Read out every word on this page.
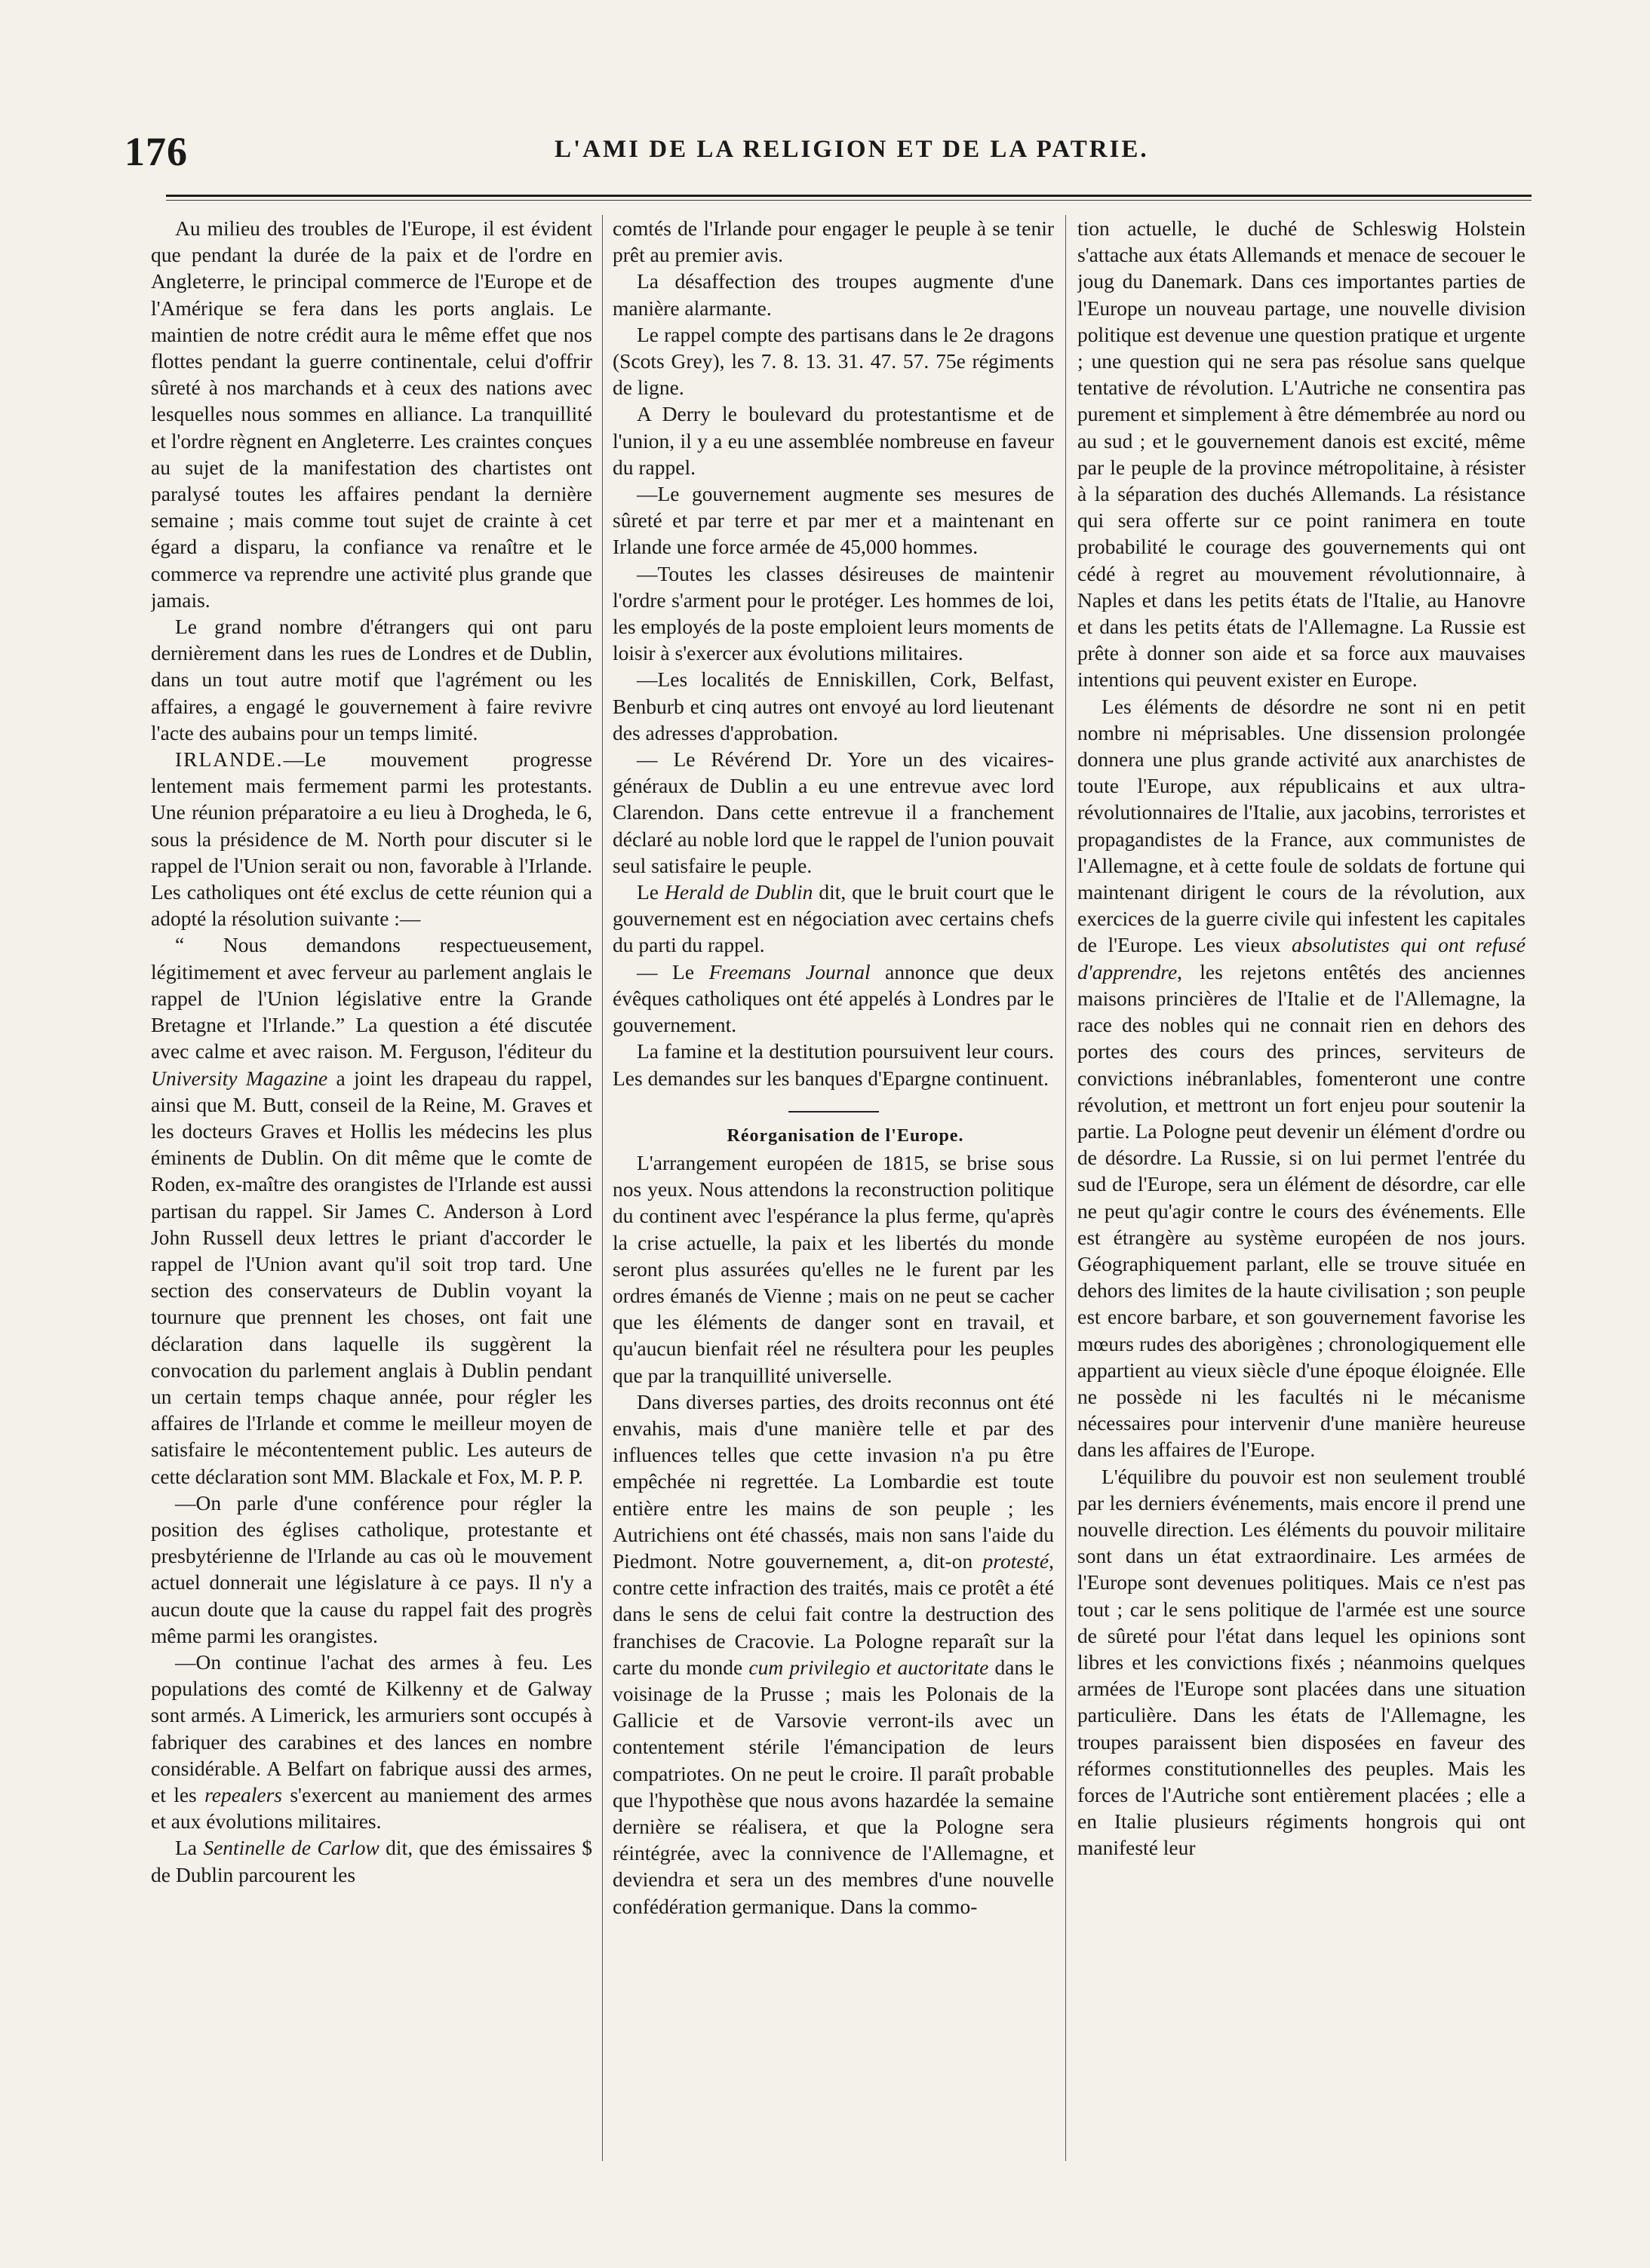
176	L'AMI DE LA RELIGION ET DE LA PATRIE.

Au milieu des troubles de l'Europe, il est évident que pendant la durée de la paix et de l'ordre en Angleterre, le principal commerce de l'Europe et de l'Amérique se fera dans les ports anglais. Le maintien de notre crédit aura le même effet que nos flottes pendant la guerre continentale, celui d'offrir sûreté à nos marchands et à ceux des nations avec lesquelles nous sommes en alliance. La tranquillité et l'ordre règnent en Angleterre. Les craintes conçues au sujet de la manifestation des chartistes ont paralysé toutes les affaires pendant la dernière semaine ; mais comme tout sujet de crainte à cet égard a disparu, la confiance va renaître et le commerce va reprendre une activité plus grande que jamais.

Le grand nombre d'étrangers qui ont paru dernièrement dans les rues de Londres et de Dublin, dans un tout autre motif que l'agrément ou les affaires, a engagé le gouvernement à faire revivre l'acte des aubains pour un temps limité.

IRLANDE.—Le mouvement progresse lentement mais fermement parmi les protestants. Une réunion préparatoire a eu lieu à Drogheda, le 6, sous la présidence de M. North pour discuter si le rappel de l'Union serait ou non, favorable à l'Irlande. Les catholiques ont été exclus de cette réunion qui a adopté la résolution suivante :—

“ Nous demandons respectueusement, légitimement et avec ferveur au parlement anglais le rappel de l'Union législative entre la Grande Bretagne et l'Irlande.” La question a été discutée avec calme et avec raison. M. Ferguson, l'éditeur du University Magazine a joint les drapeau du rappel, ainsi que M. Butt, conseil de la Reine, M. Graves et les docteurs Graves et Hollis les médecins les plus éminents de Dublin. On dit même que le comte de Roden, ex-maître des orangistes de l'Irlande est aussi partisan du rappel. Sir James C. Anderson à Lord John Russell deux lettres le priant d'accorder le rappel de l'Union avant qu'il soit trop tard. Une section des conservateurs de Dublin voyant la tournure que prennent les choses, ont fait une déclaration dans laquelle ils suggèrent la convocation du parlement anglais à Dublin pendant un certain temps chaque année, pour régler les affaires de l'Irlande et comme le meilleur moyen de satisfaire le mécontentement public. Les auteurs de cette déclaration sont MM. Blackale et Fox, M. P. P.

—On parle d'une conférence pour régler la position des églises catholique, protestante et presbytérienne de l'Irlande au cas où le mouvement actuel donnerait une législature à ce pays. Il n'y a aucun doute que la cause du rappel fait des progrès même parmi les orangistes.

—On continue l'achat des armes à feu. Les populations des comté de Kilkenny et de Galway sont armés. A Limerick, les armuriers sont occupés à fabriquer des carabines et des lances en nombre considérable. A Belfart on fabrique aussi des armes, et les repealers s'exercent au maniement des armes et aux évolutions militaires.

La Sentinelle de Carlow dit, que des émissaires $ de Dublin parcourent les

comtés de l'Irlande pour engager le peuple à se tenir prêt au premier avis.

La désaffection des troupes augmente d'une manière alarmante.

Le rappel compte des partisans dans le 2e dragons (Scots Grey), les 7. 8. 13. 31. 47. 57. 75e régiments de ligne.

A Derry le boulevard du protestantisme et de l'union, il y a eu une assemblée nombreuse en faveur du rappel.

—Le gouvernement augmente ses mesures de sûreté et par terre et par mer et a maintenant en Irlande une force armée de 45,000 hommes.

—Toutes les classes désireuses de maintenir l'ordre s'arment pour le protéger. Les hommes de loi, les employés de la poste emploient leurs moments de loisir à s'exercer aux évolutions militaires.

—Les localités de Enniskillen, Cork, Belfast, Benburb et cinq autres ont envoyé au lord lieutenant des adresses d'approbation.

— Le Révérend Dr. Yore un des vicaires-généraux de Dublin a eu une entrevue avec lord Clarendon. Dans cette entrevue il a franchement déclaré au noble lord que le rappel de l'union pouvait seul satisfaire le peuple.

Le Herald de Dublin dit, que le bruit court que le gouvernement est en négociation avec certains chefs du parti du rappel.

— Le Freemans Journal annonce que deux évêques catholiques ont été appelés à Londres par le gouvernement.

La famine et la destitution poursuivent leur cours. Les demandes sur les banques d'Epargne continuent.

Réorganisation de l'Europe.

L'arrangement européen de 1815, se brise sous nos yeux. Nous attendons la reconstruction politique du continent avec l'espérance la plus ferme, qu'après la crise actuelle, la paix et les libertés du monde seront plus assurées qu'elles ne le furent par les ordres émanés de Vienne ; mais on ne peut se cacher que les éléments de danger sont en travail, et qu'aucun bienfait réel ne résultera pour les peuples que par la tranquillité universelle.

Dans diverses parties, des droits reconnus ont été envahis, mais d'une manière telle et par des influences telles que cette invasion n'a pu être empêchée ni regrettée. La Lombardie est toute entière entre les mains de son peuple ; les Autrichiens ont été chassés, mais non sans l'aide du Piedmont. Notre gouvernement, a, dit-on protesté, contre cette infraction des traités, mais ce protêt a été dans le sens de celui fait contre la destruction des franchises de Cracovie. La Pologne reparaît sur la carte du monde cum privilegio et auctoritate dans le voisinage de la Prusse ; mais les Polonais de la Gallicie et de Varsovie verront-ils avec un contentement stérile l'émancipation de leurs compatriotes. On ne peut le croire. Il paraît probable que l'hypothèse que nous avons hazardée la semaine dernière se réalisera, et que la Pologne sera réintégrée, avec la connivence de l'Allemagne, et deviendra et sera un des membres d'une nouvelle confédération germanique. Dans la commo-

tion actuelle, le duché de Schleswig Holstein s'attache aux états Allemands et menace de secouer le joug du Danemark. Dans ces importantes parties de l'Europe un nouveau partage, une nouvelle division politique est devenue une question pratique et urgente ; une question qui ne sera pas résolue sans quelque tentative de révolution. L'Autriche ne consentira pas purement et simplement à être démembrée au nord ou au sud ; et le gouvernement danois est excité, même par le peuple de la province métropolitaine, à résister à la séparation des duchés Allemands. La résistance qui sera offerte sur ce point ranimera en toute probabilité le courage des gouvernements qui ont cédé à regret au mouvement révolutionnaire, à Naples et dans les petits états de l'Italie, au Hanovre et dans les petits états de l'Allemagne. La Russie est prête à donner son aide et sa force aux mauvaises intentions qui peuvent exister en Europe.

Les éléments de désordre ne sont ni en petit nombre ni méprisables. Une dissension prolongée donnera une plus grande activité aux anarchistes de toute l'Europe, aux républicains et aux ultra-révolutionnaires de l'Italie, aux jacobins, terroristes et propagandistes de la France, aux communistes de l'Allemagne, et à cette foule de soldats de fortune qui maintenant dirigent le cours de la révolution, aux exercices de la guerre civile qui infestent les capitales de l'Europe. Les vieux absolutistes qui ont refusé d'apprendre, les rejetons entêtés des anciennes maisons princières de l'Italie et de l'Allemagne, la race des nobles qui ne connait rien en dehors des portes des cours des princes, serviteurs de convictions inébranlables, fomenteront une contre révolution, et mettront un fort enjeu pour soutenir la partie. La Pologne peut devenir un élément d'ordre ou de désordre. La Russie, si on lui permet l'entrée du sud de l'Europe, sera un élément de désordre, car elle ne peut qu'agir contre le cours des événements. Elle est étrangère au système européen de nos jours. Géographiquement parlant, elle se trouve située en dehors des limites de la haute civilisation ; son peuple est encore barbare, et son gouvernement favorise les mœurs rudes des aborigènes ; chronologiquement elle appartient au vieux siècle d'une époque éloignée. Elle ne possède ni les facultés ni le mécanisme nécessaires pour intervenir d'une manière heureuse dans les affaires de l'Europe.

L'équilibre du pouvoir est non seulement troublé par les derniers événements, mais encore il prend une nouvelle direction. Les éléments du pouvoir militaire sont dans un état extraordinaire. Les armées de l'Europe sont devenues politiques. Mais ce n'est pas tout ; car le sens politique de l'armée est une source de sûreté pour l'état dans lequel les opinions sont libres et les convictions fixés ; néanmoins quelques armées de l'Europe sont placées dans une situation particulière. Dans les états de l'Allemagne, les troupes paraissent bien disposées en faveur des réformes constitutionnelles des peuples. Mais les forces de l'Autriche sont entièrement placées ; elle a en Italie plusieurs régiments hongrois qui ont manifesté leur
